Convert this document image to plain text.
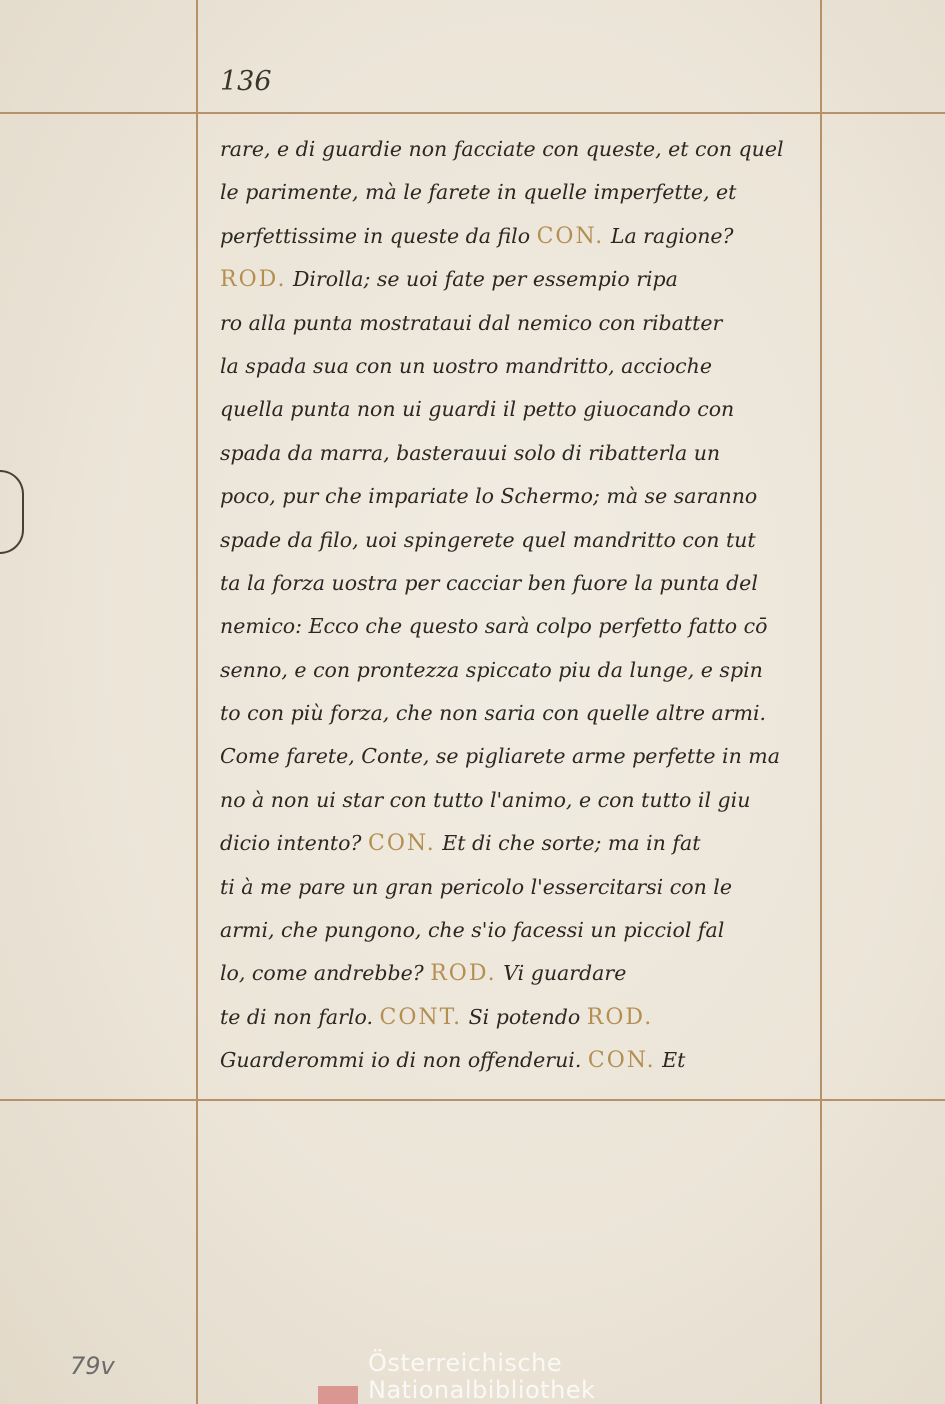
136
rare, e di guardie non facciate con queste, et con quel
le parimente, mà le farete in quelle imperfette, et
perfettissime in queste da filo CON. La ragione?
ROD. Dirolla; se uoi fate per essempio ripa
ro alla punta mostrataui dal nemico con ribatter
la spada sua con un uostro mandritto, accioche
quella punta non ui guardi il petto giuocando con
spada da marra, basterauui solo di ribatterla un
poco, pur che impariate lo Schermo; mà se saranno
spade da filo, uoi spingerete quel mandritto con tut
ta la forza uostra per cacciar ben fuore la punta del
nemico: Ecco che questo sarà colpo perfetto fatto cō
senno, e con prontezza spiccato piu da lunge, e spin
to con più forza, che non saria con quelle altre armi.
Come farete, Conte, se pigliarete arme perfette in ma
no à non ui star con tutto l'animo, e con tutto il giu
dicio intento? CON. Et di che sorte; ma in fat
ti à me pare un gran pericolo l'essercitarsi con le
armi, che pungono, che s'io facessi un picciol fal
lo, come andrebbe? ROD. Vi guardare
te di non farlo. CONT. Si potendo ROD.
Guarderommi io di non offenderui. CON. Et
79v	Österreichische
Nationalbibliothek
